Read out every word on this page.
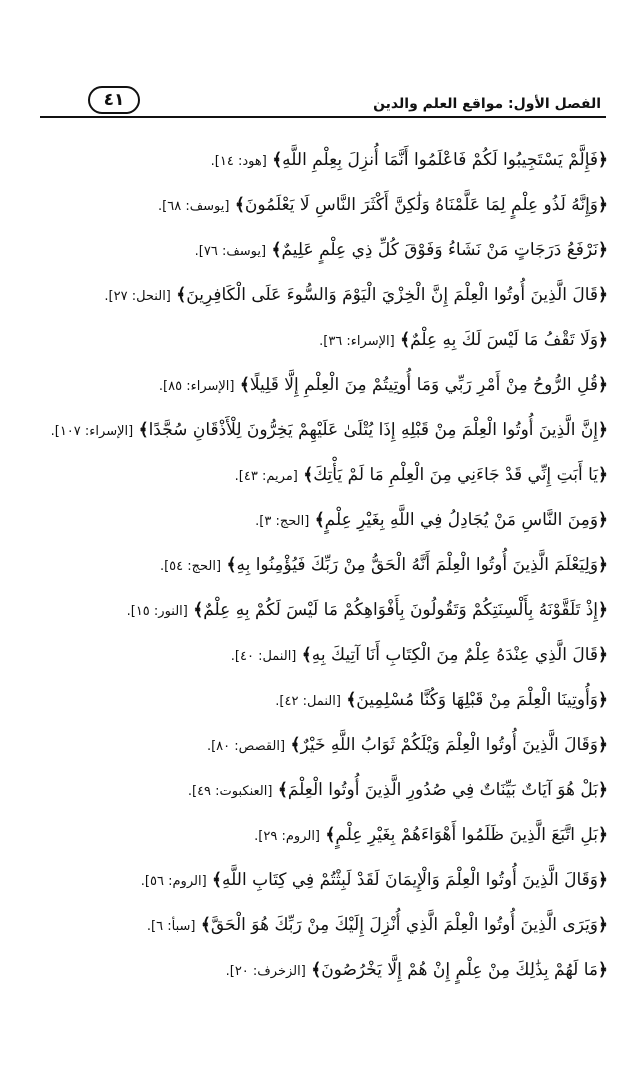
٤١	الفصل الأول: مواقع العلم والدين
﴿فَإِلَّمْ يَسْتَجِيبُوا لَكُمْ فَاعْلَمُوا أَنَّمَا أُنزِلَ بِعِلْمِ اللَّهِ﴾ [هود: ١٤].
﴿وَإِنَّهُ لَذُو عِلْمٍ لِمَا عَلَّمْنَاهُ وَلَٰكِنَّ أَكْثَرَ النَّاسِ لَا يَعْلَمُونَ﴾ [يوسف: ٦٨].
﴿نَرْفَعُ دَرَجَاتٍ مَنْ نَشَاءُ وَفَوْقَ كُلِّ ذِي عِلْمٍ عَلِيمٌ﴾ [يوسف: ٧٦].
﴿قَالَ الَّذِينَ أُوتُوا الْعِلْمَ إِنَّ الْخِزْيَ الْيَوْمَ وَالسُّوءَ عَلَى الْكَافِرِينَ﴾ [النحل: ٢٧].
﴿وَلَا تَقْفُ مَا لَيْسَ لَكَ بِهِ عِلْمٌ﴾ [الإسراء: ٣٦].
﴿قُلِ الرُّوحُ مِنْ أَمْرِ رَبِّي وَمَا أُوتِيتُمْ مِنَ الْعِلْمِ إِلَّا قَلِيلًا﴾ [الإسراء: ٨٥].
﴿إِنَّ الَّذِينَ أُوتُوا الْعِلْمَ مِنْ قَبْلِهِ إِذَا يُتْلَىٰ عَلَيْهِمْ يَخِرُّونَ لِلْأَذْقَانِ سُجَّدًا﴾ [الإسراء: ١٠٧].
﴿يَا أَبَتِ إِنِّي قَدْ جَاءَنِي مِنَ الْعِلْمِ مَا لَمْ يَأْتِكَ﴾ [مريم: ٤٣].
﴿وَمِنَ النَّاسِ مَنْ يُجَادِلُ فِي اللَّهِ بِغَيْرِ عِلْمٍ﴾ [الحج: ٣].
﴿وَلِيَعْلَمَ الَّذِينَ أُوتُوا الْعِلْمَ أَنَّهُ الْحَقُّ مِنْ رَبِّكَ فَيُؤْمِنُوا بِهِ﴾ [الحج: ٥٤].
﴿إِذْ تَلَقَّوْنَهُ بِأَلْسِنَتِكُمْ وَتَقُولُونَ بِأَفْوَاهِكُمْ مَا لَيْسَ لَكُمْ بِهِ عِلْمٌ﴾ [النور: ١٥].
﴿قَالَ الَّذِي عِنْدَهُ عِلْمٌ مِنَ الْكِتَابِ أَنَا آتِيكَ بِهِ﴾ [النمل: ٤٠].
﴿وَأُوتِينَا الْعِلْمَ مِنْ قَبْلِهَا وَكُنَّا مُسْلِمِينَ﴾ [النمل: ٤٢].
﴿وَقَالَ الَّذِينَ أُوتُوا الْعِلْمَ وَيْلَكُمْ ثَوَابُ اللَّهِ خَيْرٌ﴾ [القصص: ٨٠].
﴿بَلْ هُوَ آيَاتٌ بَيِّنَاتٌ فِي صُدُورِ الَّذِينَ أُوتُوا الْعِلْمَ﴾ [العنكبوت: ٤٩].
﴿بَلِ اتَّبَعَ الَّذِينَ ظَلَمُوا أَهْوَاءَهُمْ بِغَيْرِ عِلْمٍ﴾ [الروم: ٢٩].
﴿وَقَالَ الَّذِينَ أُوتُوا الْعِلْمَ وَالْإِيمَانَ لَقَدْ لَبِثْتُمْ فِي كِتَابِ اللَّهِ﴾ [الروم: ٥٦].
﴿وَيَرَى الَّذِينَ أُوتُوا الْعِلْمَ الَّذِي أُنْزِلَ إِلَيْكَ مِنْ رَبِّكَ هُوَ الْحَقَّ﴾ [سبأ: ٦].
﴿مَا لَهُمْ بِذَٰلِكَ مِنْ عِلْمٍ إِنْ هُمْ إِلَّا يَخْرُصُونَ﴾ [الزخرف: ٢٠].
